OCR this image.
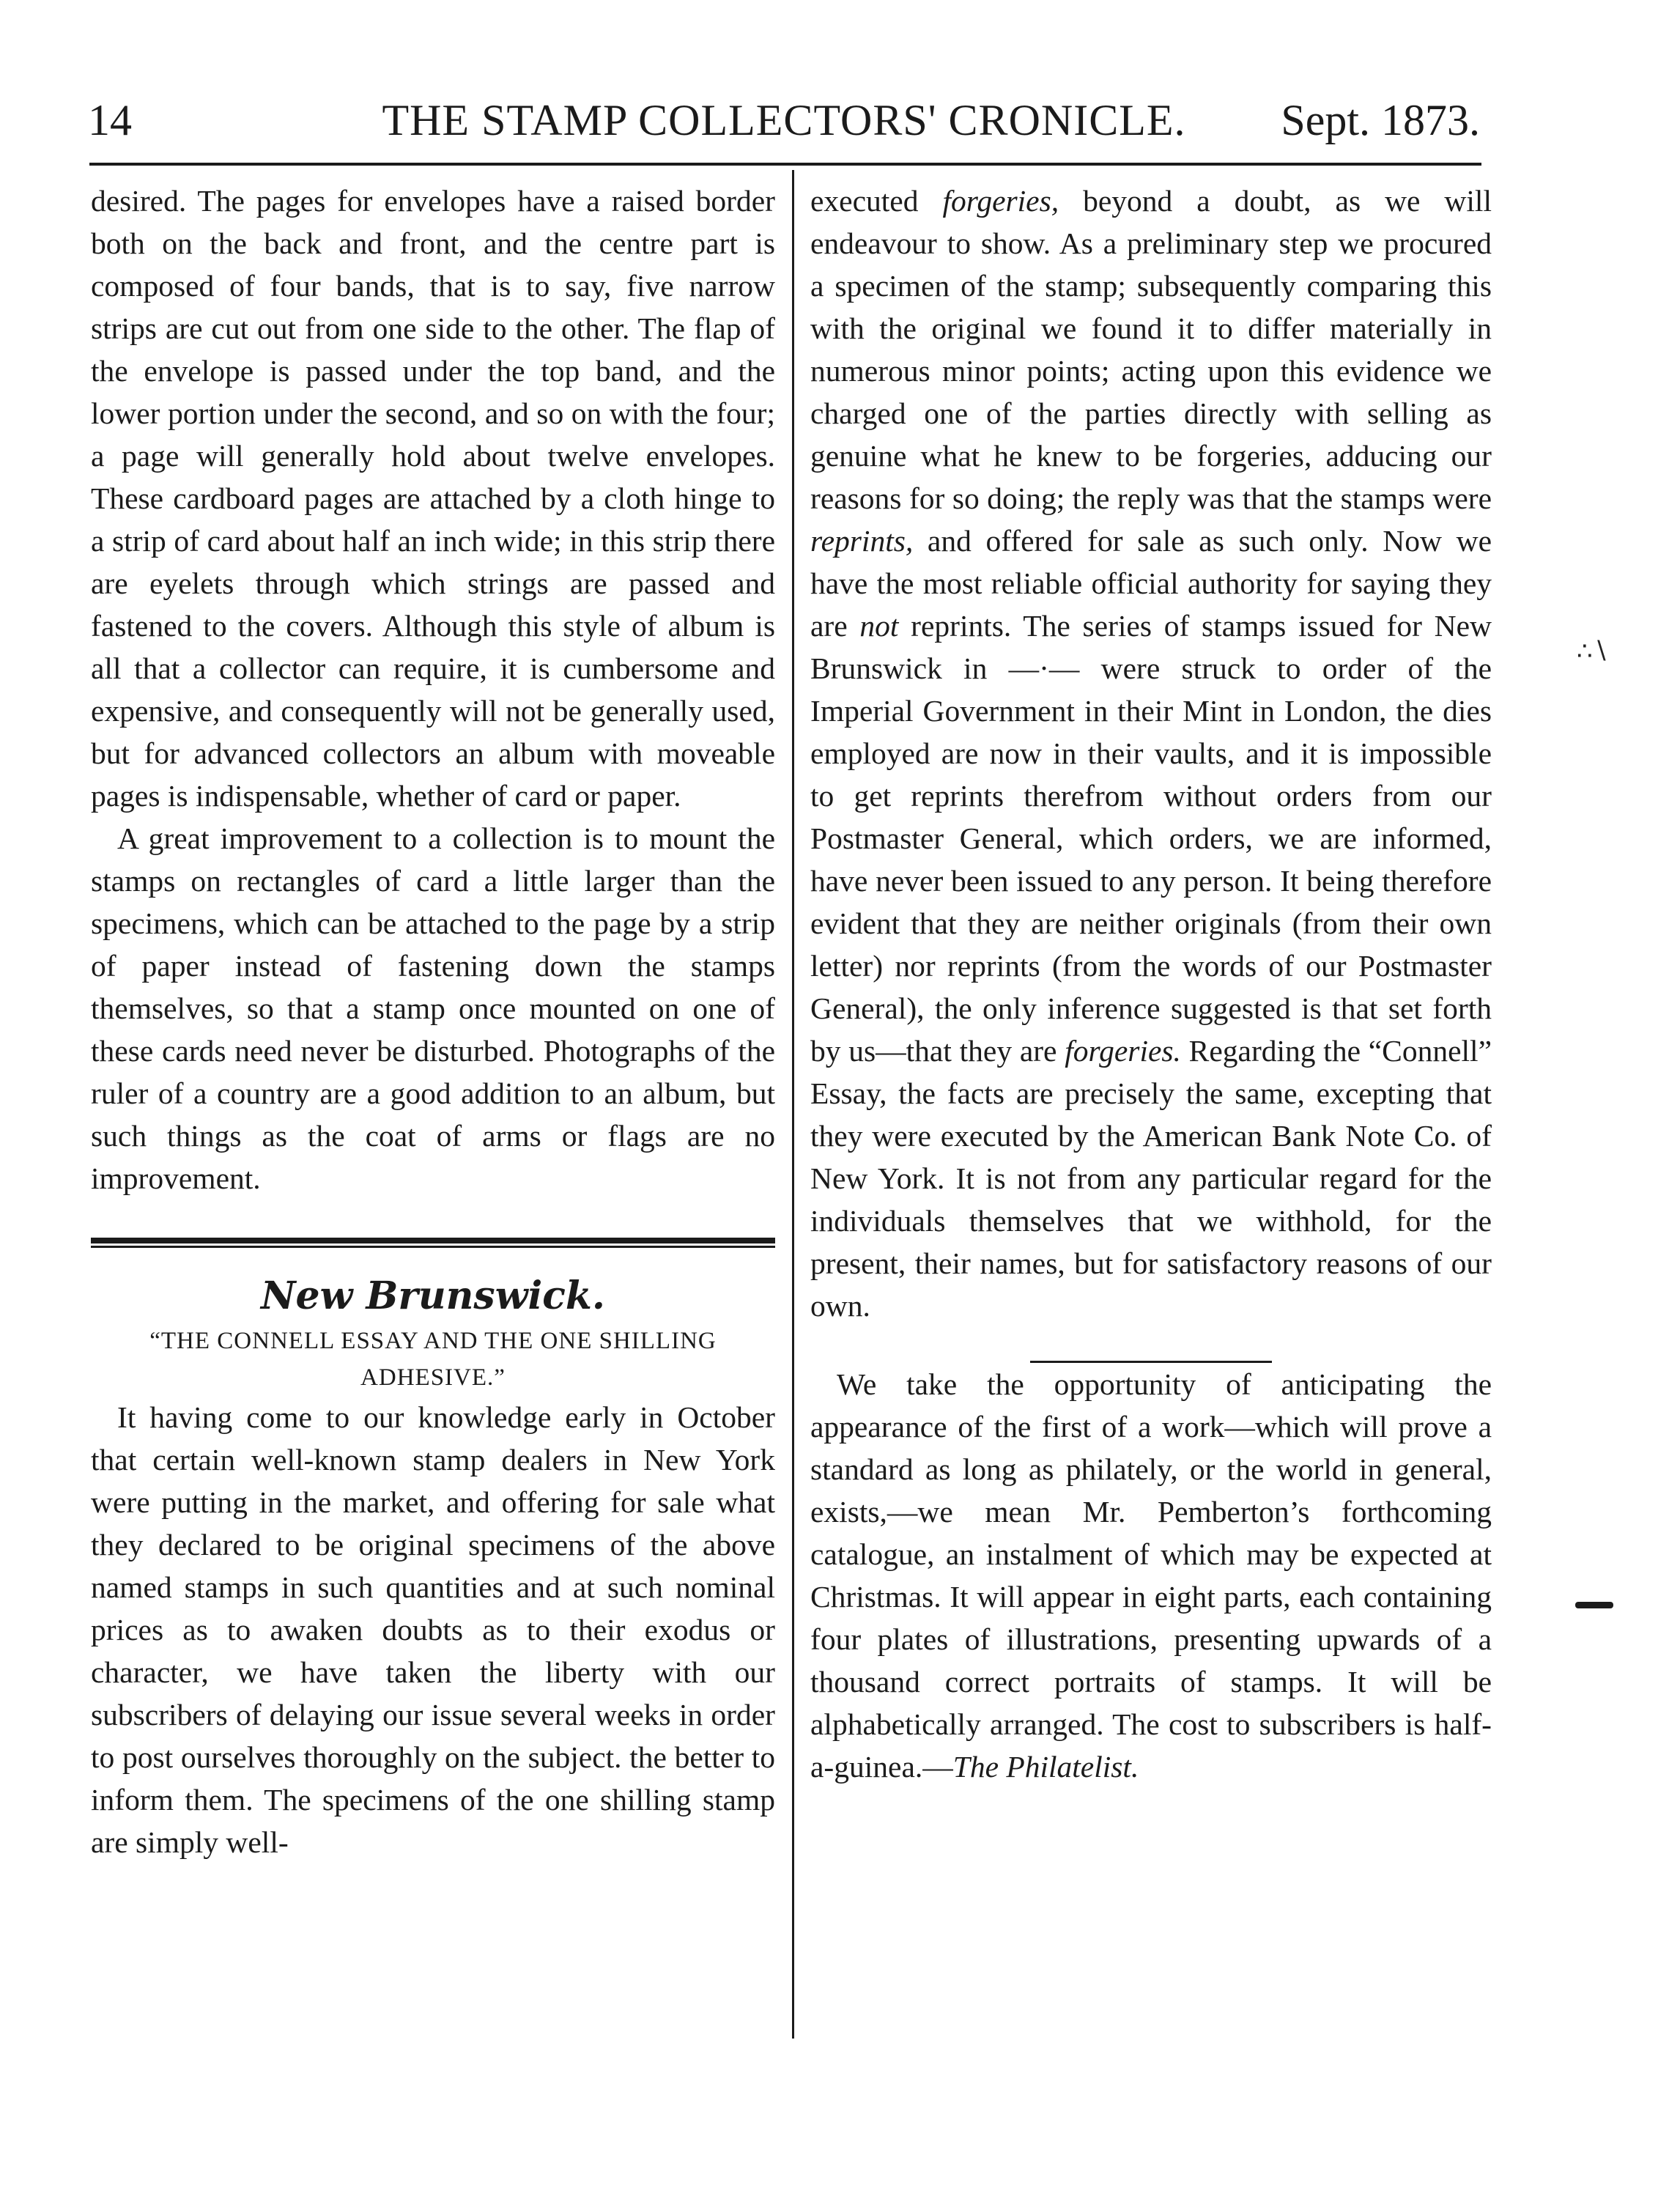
THE STAMP COLLECTORS' CRONICLE.
14	Sept. 1873.

desired. The pages for envelopes have a raised border both on the back and front, and the centre part is composed of four bands, that is to say, five narrow strips are cut out from one side to the other. The flap of the envelope is passed under the top band, and the lower portion under the second, and so on with the four; a page will generally hold about twelve envelopes. These cardboard pages are attached by a cloth hinge to a strip of card about half an inch wide; in this strip there are eyelets through which strings are passed and fastened to the covers. Although this style of album is all that a collector can require, it is cumbersome and expensive, and consequently will not be generally used, but for advanced collectors an album with moveable pages is indispensable, whether of card or paper.

A great improvement to a collection is to mount the stamps on rectangles of card a little larger than the specimens, which can be attached to the page by a strip of paper instead of fastening down the stamps themselves, so that a stamp once mounted on one of these cards need never be disturbed. Photographs of the ruler of a country are a good addition to an album, but such things as the coat of arms or flags are no improvement.

New Brunswick.
“THE CONNELL ESSAY AND THE ONE SHILLING ADHESIVE.”

It having come to our knowledge early in October that certain well-known stamp dealers in New York were putting in the market, and offering for sale what they declared to be original specimens of the above named stamps in such quantities and at such nominal prices as to awaken doubts as to their exodus or character, we have taken the liberty with our subscribers of delaying our issue several weeks in order to post ourselves thoroughly on the subject. the better to inform them. The specimens of the one shilling stamp are simply well-

executed forgeries, beyond a doubt, as we will endeavour to show. As a preliminary step we procured a specimen of the stamp; subsequently comparing this with the original we found it to differ materially in numerous minor points; acting upon this evidence we charged one of the parties directly with selling as genuine what he knew to be forgeries, adducing our reasons for so doing; the reply was that the stamps were reprints, and offered for sale as such only. Now we have the most reliable official authority for saying they are not reprints. The series of stamps issued for New Brunswick in —·— were struck to order of the Imperial Government in their Mint in London, the dies employed are now in their vaults, and it is impossible to get reprints therefrom without orders from our Postmaster General, which orders, we are informed, have never been issued to any person. It being therefore evident that they are neither originals (from their own letter) nor reprints (from the words of our Postmaster General), the only inference suggested is that set forth by us—that they are forgeries. Regarding the “Connell” Essay, the facts are precisely the same, excepting that they were executed by the American Bank Note Co. of New York. It is not from any particular regard for the individuals themselves that we withhold, for the present, their names, but for satisfactory reasons of our own.

We take the opportunity of anticipating the appearance of the first of a work—which will prove a standard as long as philately, or the world in general, exists,—we mean Mr. Pemberton’s forthcoming catalogue, an instalment of which may be expected at Christmas. It will appear in eight parts, each containing four plates of illustrations, presenting upwards of a thousand correct portraits of stamps. It will be alphabetically arranged. The cost to subscribers is half-a-guinea.—The Philatelist.

∴∖
